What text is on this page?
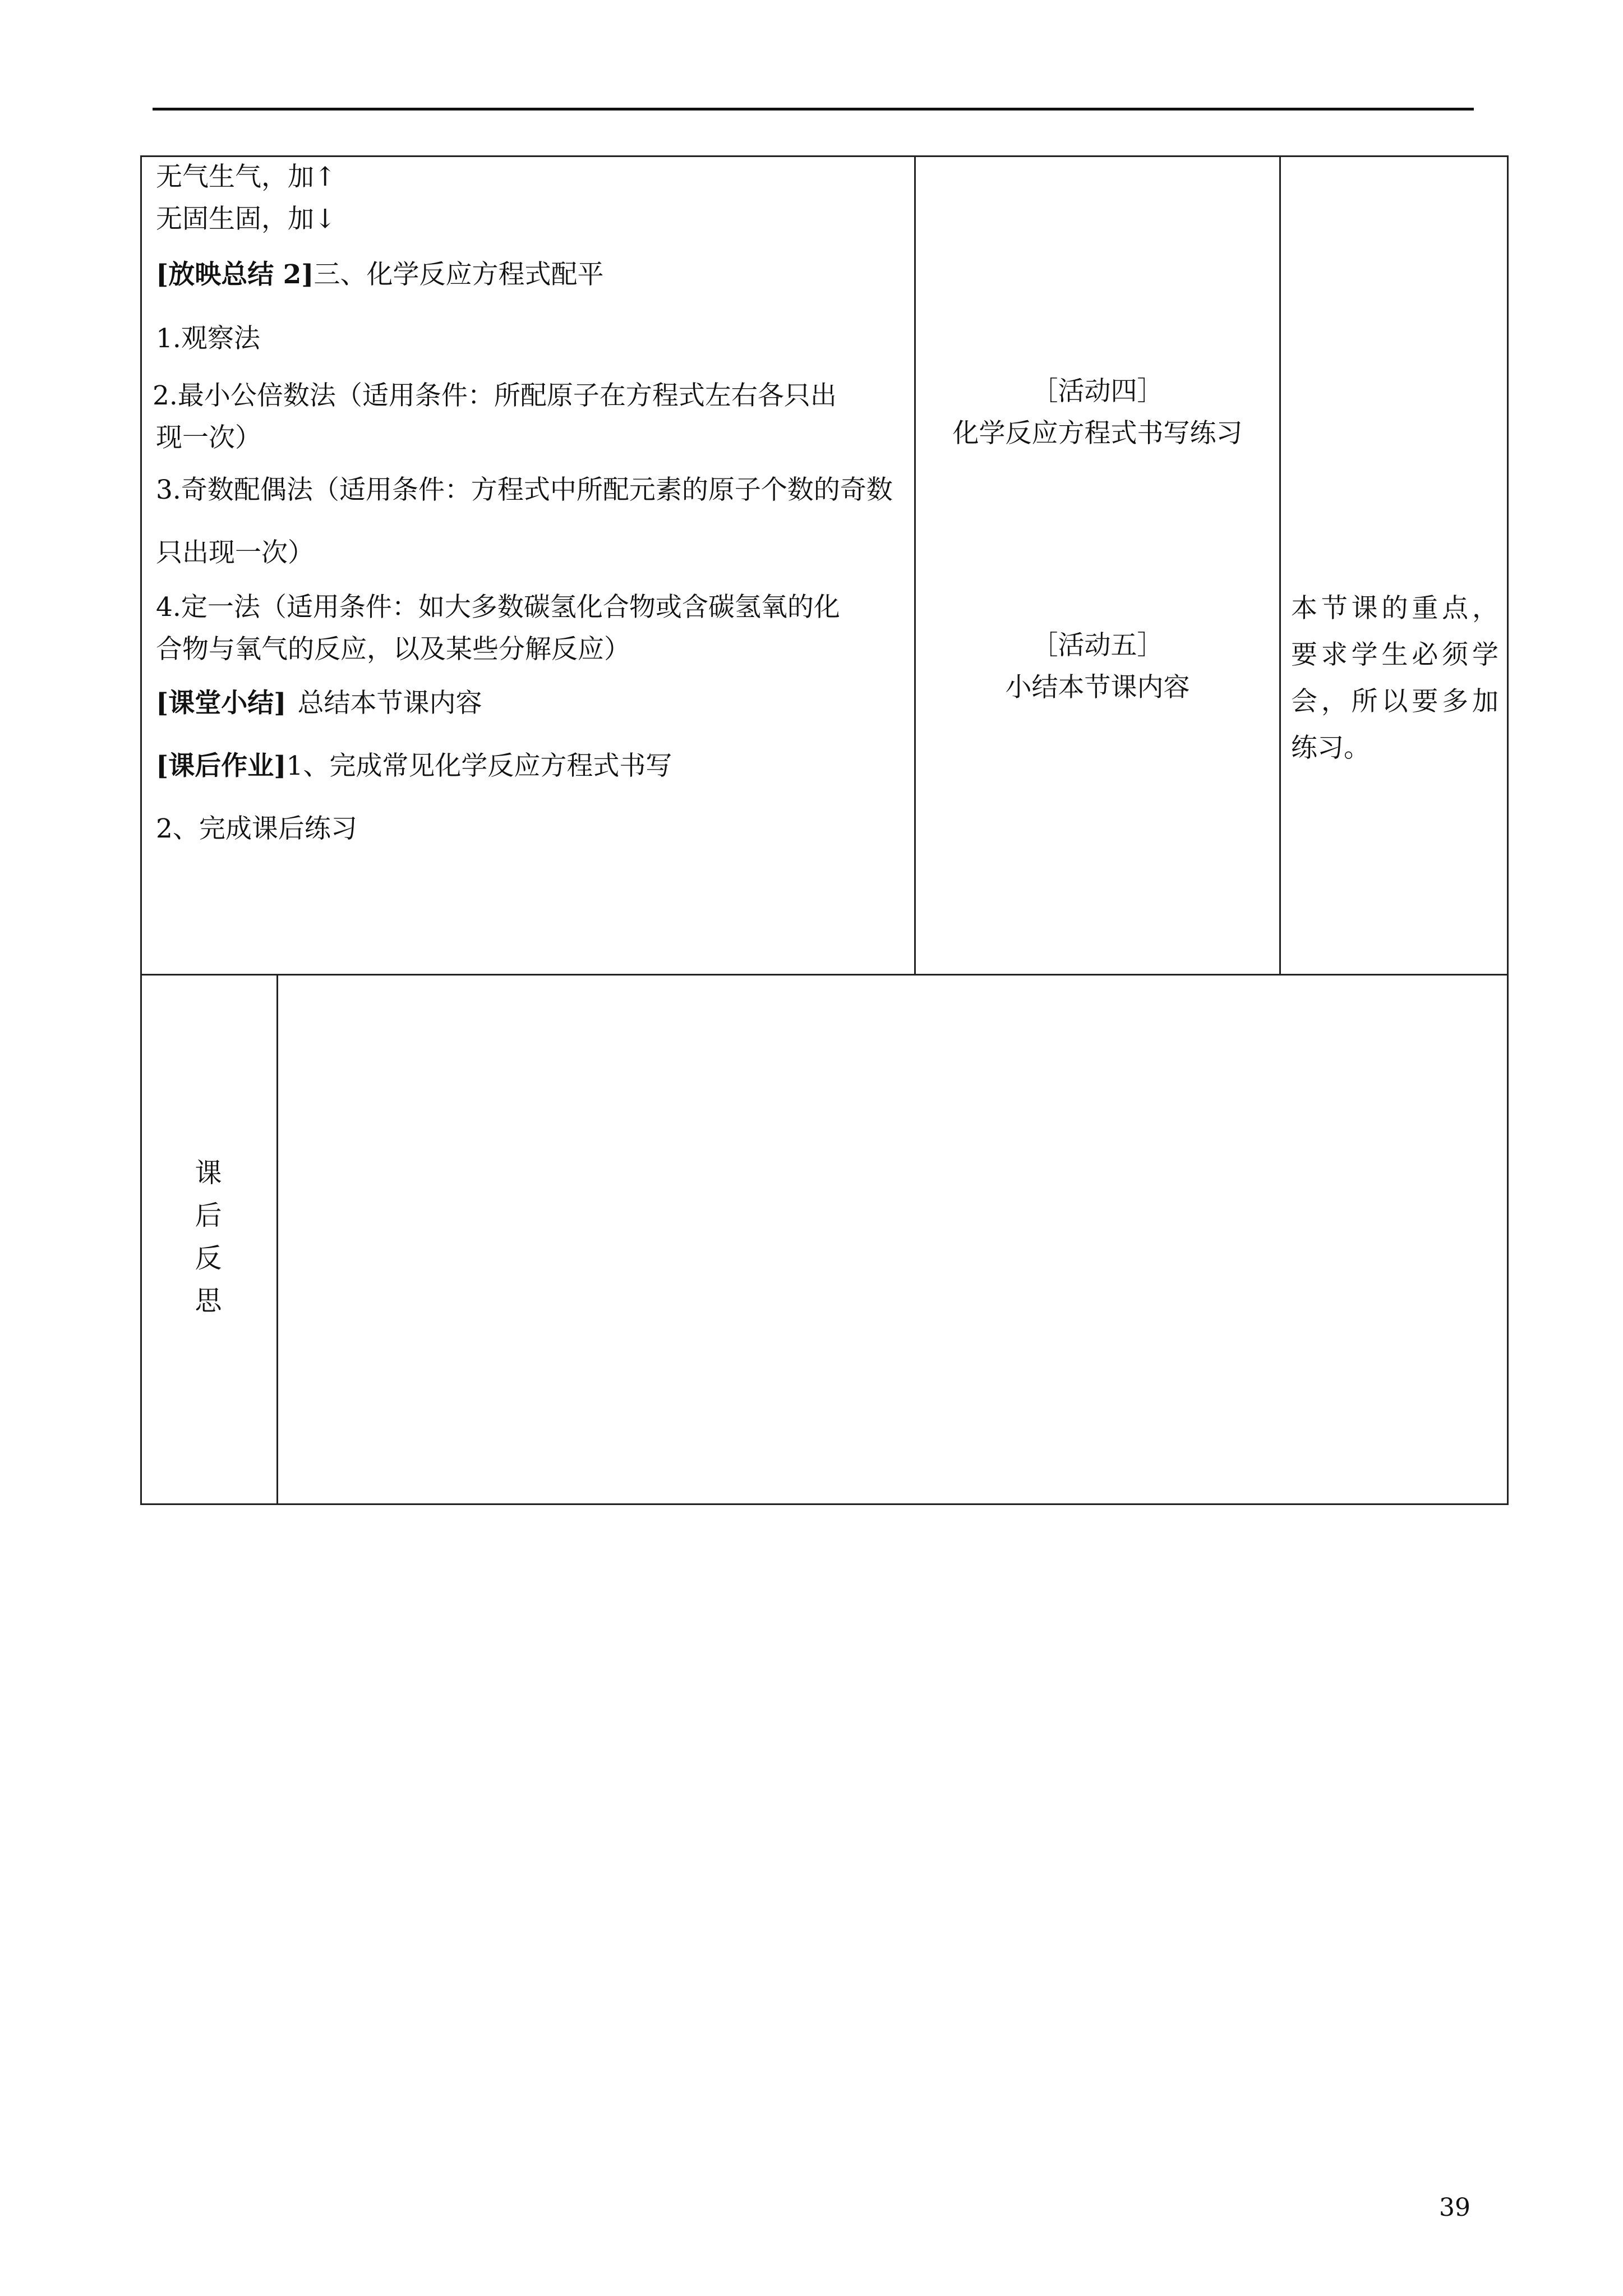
无气生气，加↑
无固生固，加↓
[放映总结 2]三、化学反应方程式配平
1.观察法
2.最小公倍数法（适用条件：所配原子在方程式左右各只出
现一次）
3.奇数配偶法（适用条件：方程式中所配元素的原子个数的奇数
只出现一次）
4.定一法（适用条件：如大多数碳氢化合物或含碳氢氧的化
合物与氧气的反应，以及某些分解反应）
[课堂小结] 总结本节课内容
[课后作业]1、完成常见化学反应方程式书写
2、完成课后练习
［活动四］
化学反应方程式书写练习
［活动五］
小结本节课内容
本节课的重点，要求学生必须学会，所以要多加练习。
课
后
反
思
39
